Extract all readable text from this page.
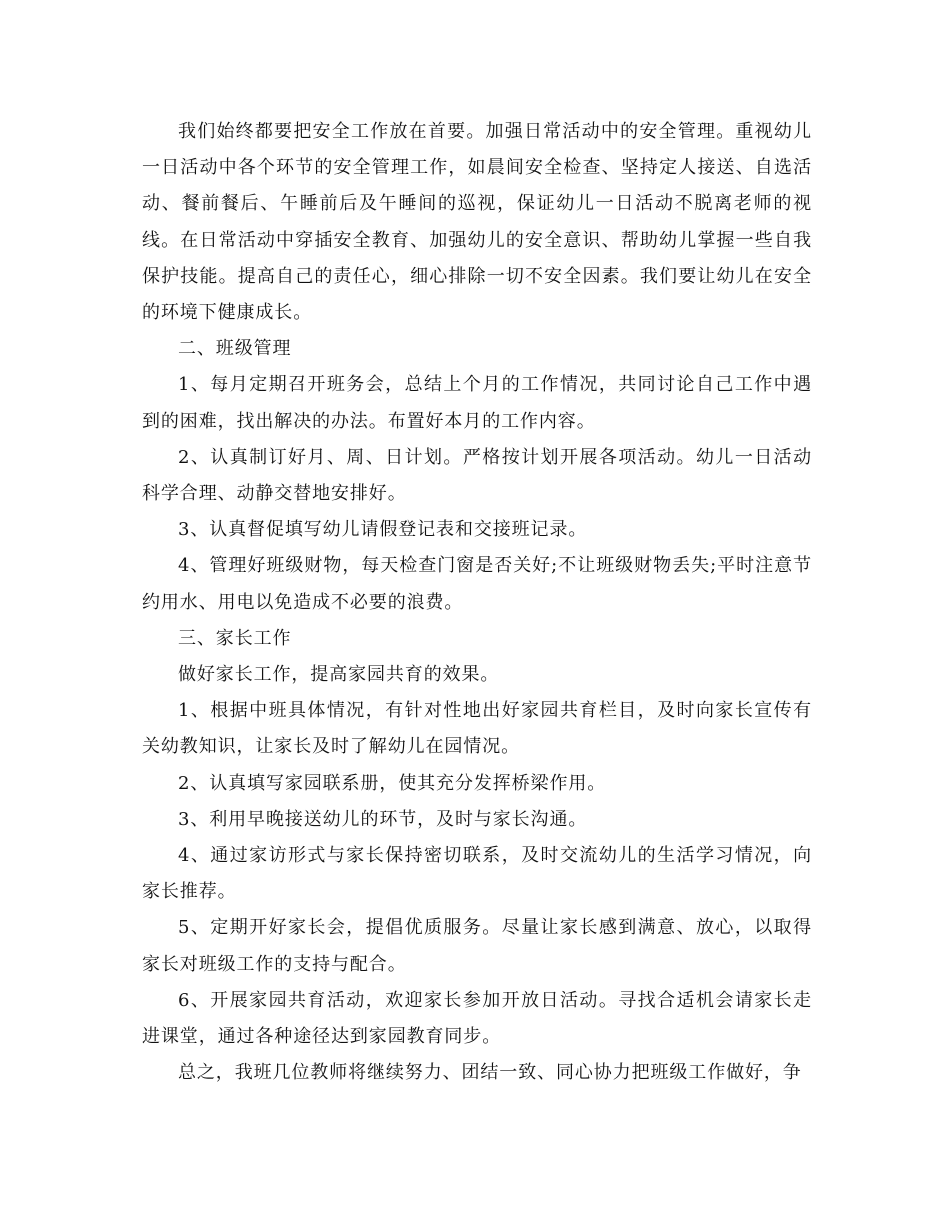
我们始终都要把安全工作放在首要。加强日常活动中的安全管理。重视幼儿一日活动中各个环节的安全管理工作，如晨间安全检查、坚持定人接送、自选活动、餐前餐后、午睡前后及午睡间的巡视，保证幼儿一日活动不脱离老师的视线。在日常活动中穿插安全教育、加强幼儿的安全意识、帮助幼儿掌握一些自我保护技能。提高自己的责任心，细心排除一切不安全因素。我们要让幼儿在安全的环境下健康成长。

二、班级管理

1、每月定期召开班务会，总结上个月的工作情况，共同讨论自己工作中遇到的困难，找出解决的办法。布置好本月的工作内容。

2、认真制订好月、周、日计划。严格按计划开展各项活动。幼儿一日活动科学合理、动静交替地安排好。

3、认真督促填写幼儿请假登记表和交接班记录。

4、管理好班级财物，每天检查门窗是否关好;不让班级财物丢失;平时注意节约用水、用电以免造成不必要的浪费。

三、家长工作

做好家长工作，提高家园共育的效果。

1、根据中班具体情况，有针对性地出好家园共育栏目，及时向家长宣传有关幼教知识，让家长及时了解幼儿在园情况。

2、认真填写家园联系册，使其充分发挥桥梁作用。

3、利用早晚接送幼儿的环节，及时与家长沟通。

4、通过家访形式与家长保持密切联系，及时交流幼儿的生活学习情况，向家长推荐。

5、定期开好家长会，提倡优质服务。尽量让家长感到满意、放心，以取得家长对班级工作的支持与配合。

6、开展家园共育活动，欢迎家长参加开放日活动。寻找合适机会请家长走进课堂，通过各种途径达到家园教育同步。

总之，我班几位教师将继续努力、团结一致、同心协力把班级工作做好，争
